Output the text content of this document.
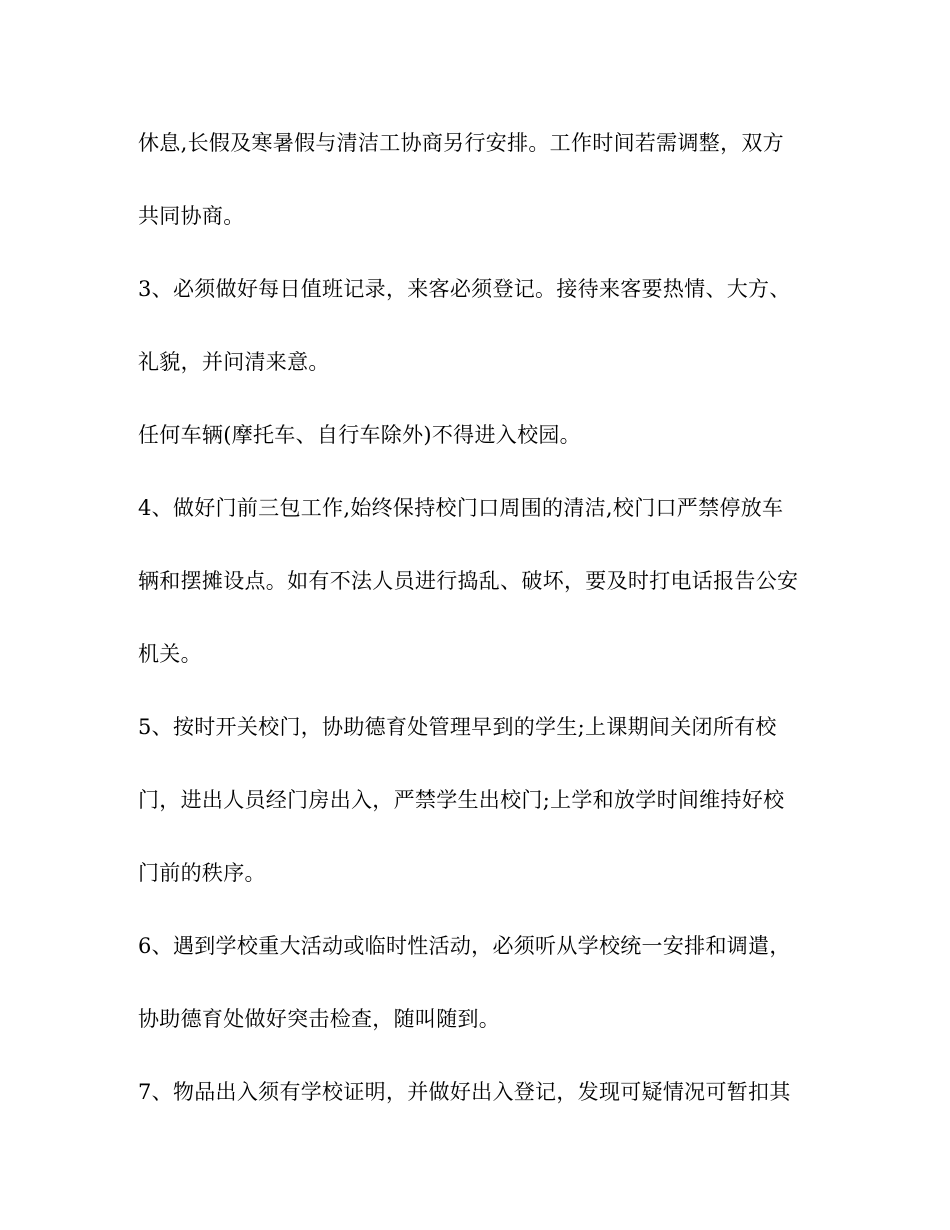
休息,长假及寒暑假与清洁工协商另行安排。工作时间若需调整，双方
共同协商。
3、必须做好每日值班记录，来客必须登记。接待来客要热情、大方、
礼貌，并问清来意。
任何车辆(摩托车、自行车除外)不得进入校园。
4、做好门前三包工作,始终保持校门口周围的清洁,校门口严禁停放车
辆和摆摊设点。如有不法人员进行捣乱、破坏，要及时打电话报告公安
机关。
5、按时开关校门，协助德育处管理早到的学生;上课期间关闭所有校
门，进出人员经门房出入，严禁学生出校门;上学和放学时间维持好校
门前的秩序。
6、遇到学校重大活动或临时性活动，必须听从学校统一安排和调遣，
协助德育处做好突击检查，随叫随到。
7、物品出入须有学校证明，并做好出入登记，发现可疑情况可暂扣其
